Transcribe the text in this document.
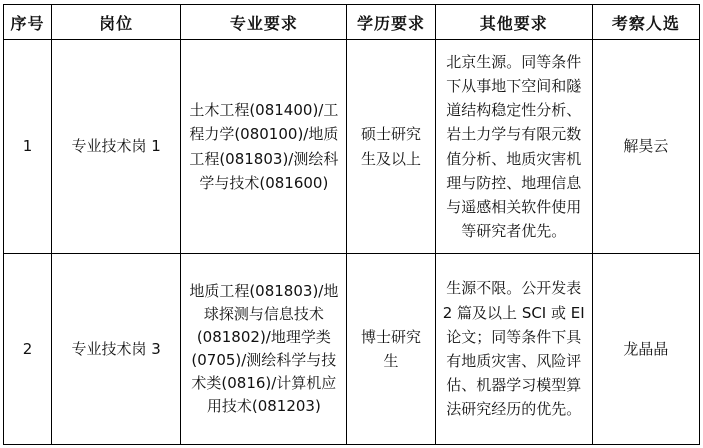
序号	岗位	专业要求	学历要求	其他要求	考察人选
1	专业技术岗 1	土木工程(081400)/工程力学(080100)/地质工程(081803)/测绘科学与技术(081600)	硕士研究生及以上	北京生源。同等条件下从事地下空间和隧道结构稳定性分析、岩土力学与有限元数值分析、地质灾害机理与防控、地理信息与遥感相关软件使用等研究者优先。	解昊云
2	专业技术岗 3	地质工程(081803)/地球探测与信息技术(081802)/地理学类(0705)/测绘科学与技术类(0816)/计算机应用技术(081203)	博士研究生	生源不限。公开发表 2 篇及以上 SCI 或 EI 论文；同等条件下具有地质灾害、风险评估、机器学习模型算法研究经历的优先。	龙晶晶
